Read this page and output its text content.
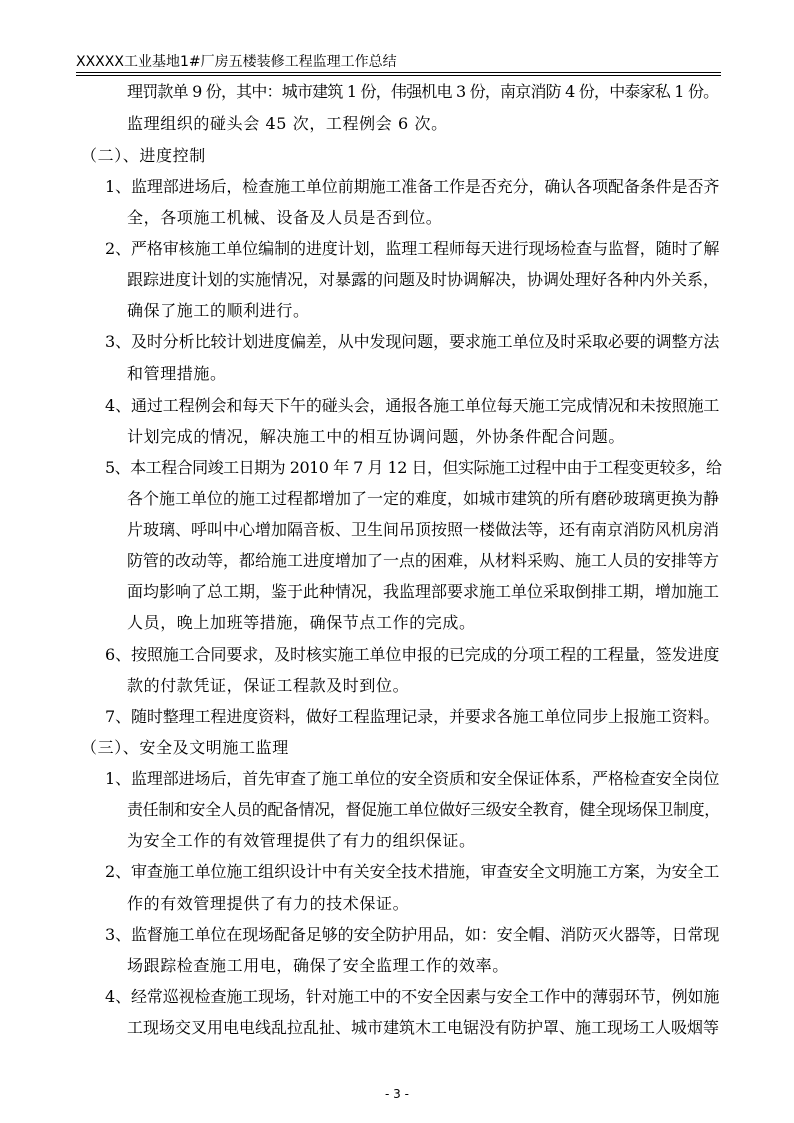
XXXXX工业基地1#厂房五楼装修工程监理工作总结
理罚款单 9 份，其中：城市建筑 1 份，伟强机电 3 份，南京消防 4 份，中泰家私 1 份。
监理组织的碰头会 45 次，工程例会 6 次。
（二）、进度控制
1、监理部进场后，检查施工单位前期施工准备工作是否充分，确认各项配备条件是否齐
全，各项施工机械、设备及人员是否到位。
2、严格审核施工单位编制的进度计划，监理工程师每天进行现场检查与监督，随时了解
跟踪进度计划的实施情况，对暴露的问题及时协调解决，协调处理好各种内外关系，
确保了施工的顺利进行。
3、及时分析比较计划进度偏差，从中发现问题，要求施工单位及时采取必要的调整方法
和管理措施。
4、通过工程例会和每天下午的碰头会，通报各施工单位每天施工完成情况和未按照施工
计划完成的情况，解决施工中的相互协调问题，外协条件配合问题。
5、本工程合同竣工日期为 2010 年 7 月 12 日，但实际施工过程中由于工程变更较多，给
各个施工单位的施工过程都增加了一定的难度，如城市建筑的所有磨砂玻璃更换为静
片玻璃、呼叫中心增加隔音板、卫生间吊顶按照一楼做法等，还有南京消防风机房消
防管的改动等，都给施工进度增加了一点的困难，从材料采购、施工人员的安排等方
面均影响了总工期，鉴于此种情况，我监理部要求施工单位采取倒排工期，增加施工
人员，晚上加班等措施，确保节点工作的完成。
6、按照施工合同要求，及时核实施工单位申报的已完成的分项工程的工程量，签发进度
款的付款凭证，保证工程款及时到位。
7、随时整理工程进度资料，做好工程监理记录，并要求各施工单位同步上报施工资料。
（三）、安全及文明施工监理
1、监理部进场后，首先审查了施工单位的安全资质和安全保证体系，严格检查安全岗位
责任制和安全人员的配备情况，督促施工单位做好三级安全教育，健全现场保卫制度，
为安全工作的有效管理提供了有力的组织保证。
2、审查施工单位施工组织设计中有关安全技术措施，审查安全文明施工方案，为安全工
作的有效管理提供了有力的技术保证。
3、监督施工单位在现场配备足够的安全防护用品，如：安全帽、消防灭火器等，日常现
场跟踪检查施工用电，确保了安全监理工作的效率。
4、经常巡视检查施工现场，针对施工中的不安全因素与安全工作中的薄弱环节，例如施
工现场交叉用电电线乱拉乱扯、城市建筑木工电锯没有防护罩、施工现场工人吸烟等
- 3 -
